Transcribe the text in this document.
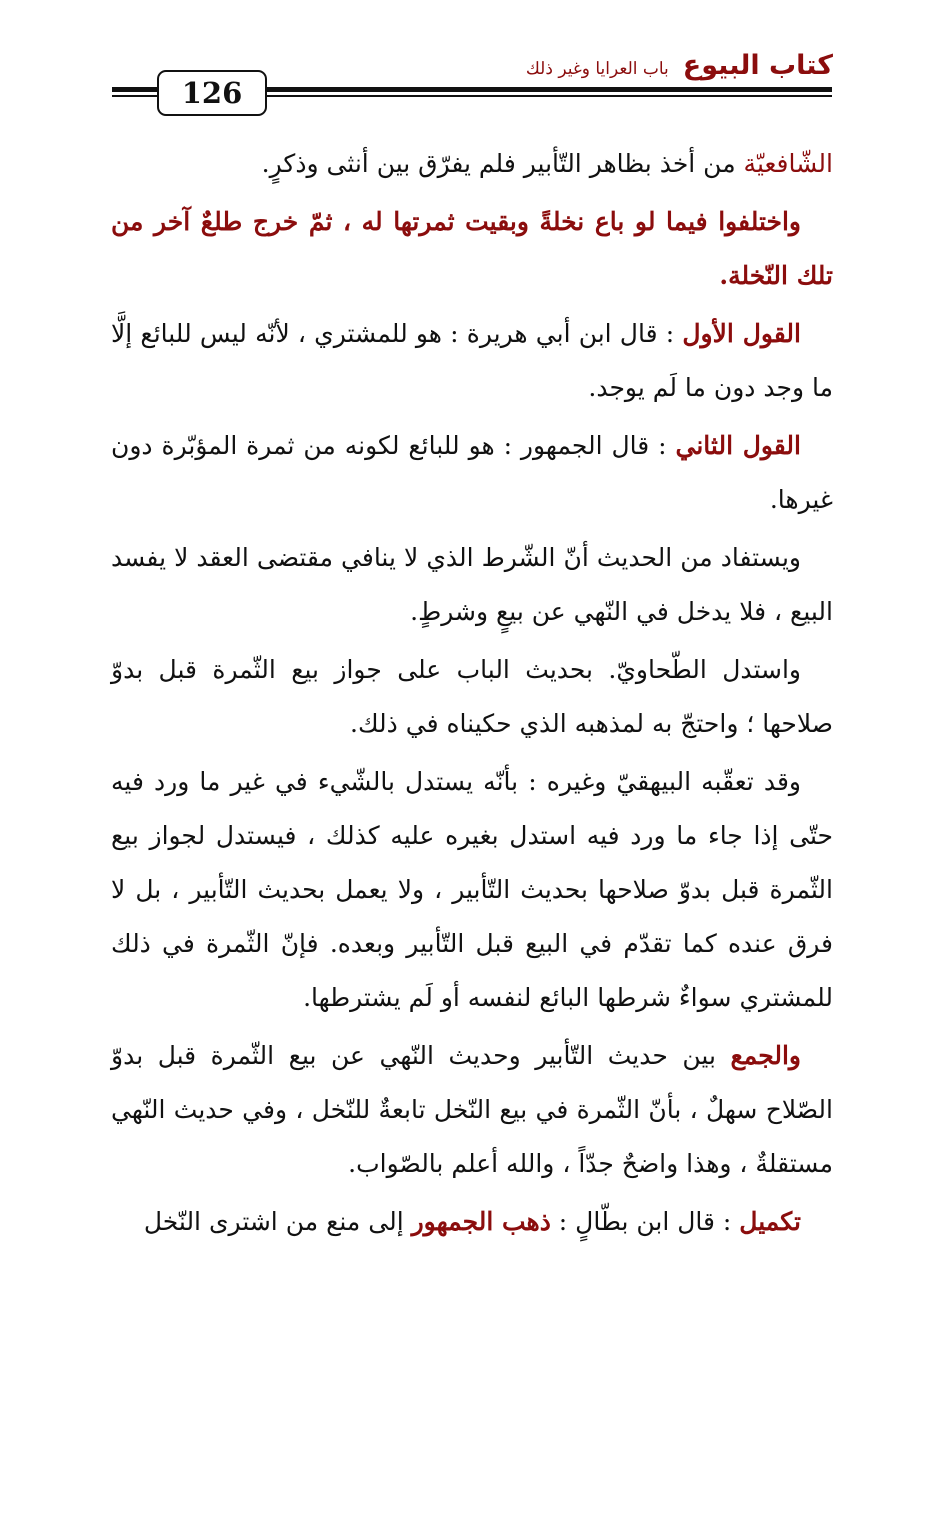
كتاب البيوع
باب العرايا وغير ذلك
126

الشّافعيّة من أخذ بظاهر التّأبير فلم يفرّق بين أنثى وذكرٍ.

واختلفوا فيما لو باع نخلةً وبقيت ثمرتها له ، ثمّ خرج طلعٌ آخر من تلك النّخلة.

القول الأول : قال ابن أبي هريرة : هو للمشتري ، لأنّه ليس للبائع إلَّا ما وجد دون ما لَم يوجد.

القول الثاني : قال الجمهور : هو للبائع لكونه من ثمرة المؤبّرة دون غيرها.

ويستفاد من الحديث أنّ الشّرط الذي لا ينافي مقتضى العقد لا يفسد البيع ، فلا يدخل في النّهي عن بيعٍ وشرطٍ.

واستدل الطّحاويّ. بحديث الباب على جواز بيع الثّمرة قبل بدوّ صلاحها ؛ واحتجّ به لمذهبه الذي حكيناه في ذلك.

وقد تعقّبه البيهقيّ وغيره : بأنّه يستدل بالشّيء في غير ما ورد فيه حتّى إذا جاء ما ورد فيه استدل بغيره عليه كذلك ، فيستدل لجواز بيع الثّمرة قبل بدوّ صلاحها بحديث التّأبير ، ولا يعمل بحديث التّأبير ، بل لا فرق عنده كما تقدّم في البيع قبل التّأبير وبعده. فإنّ الثّمرة في ذلك للمشتري سواءٌ شرطها البائع لنفسه أو لَم يشترطها.

والجمع بين حديث التّأبير وحديث النّهي عن بيع الثّمرة قبل بدوّ الصّلاح سهلٌ ، بأنّ الثّمرة في بيع النّخل تابعةٌ للنّخل ، وفي حديث النّهي مستقلةٌ ، وهذا واضحٌ جدّاً ، والله أعلم بالصّواب.

تكميل : قال ابن بطّالٍ : ذهب الجمهور إلى منع من اشترى النّخل
